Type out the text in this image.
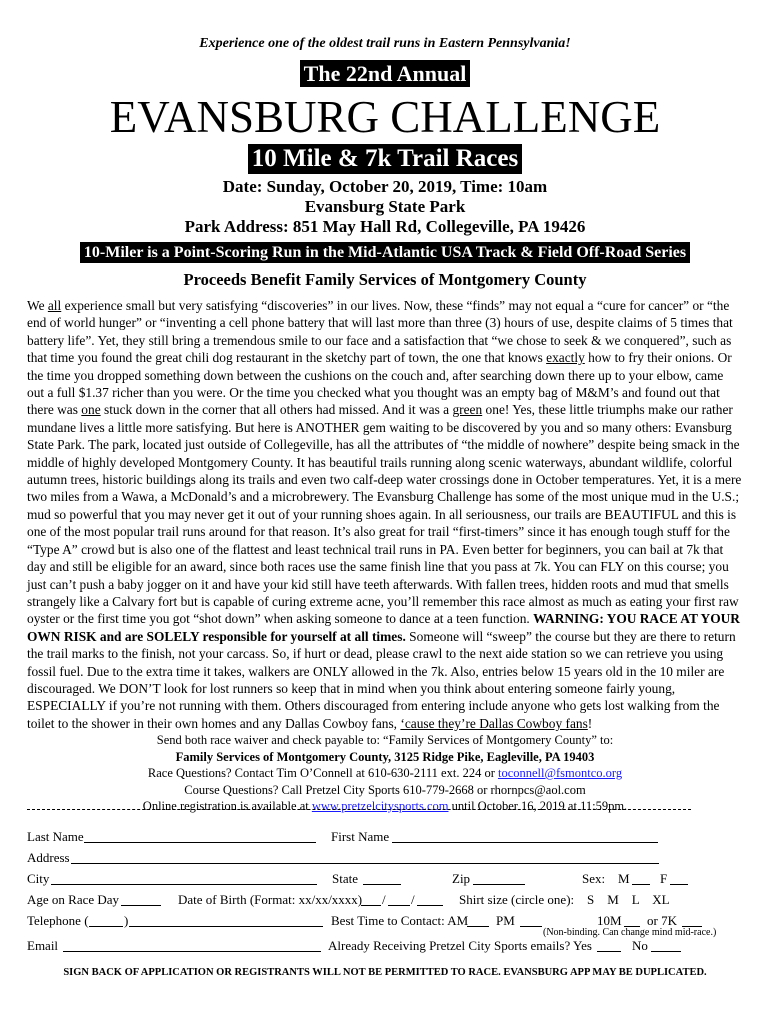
Experience one of the oldest trail runs in Eastern Pennsylvania!
The 22nd Annual
EVANSBURG CHALLENGE
10 Mile & 7k Trail Races
Date: Sunday, October 20, 2019, Time: 10am
Evansburg State Park
Park Address: 851 May Hall Rd, Collegeville, PA 19426
10-Miler is a Point-Scoring Run in the Mid-Atlantic USA Track & Field Off-Road Series
Proceeds Benefit Family Services of Montgomery County
We all experience small but very satisfying “discoveries” in our lives. Now, these “finds” may not equal a “cure for cancer” or “the end of world hunger” or “inventing a cell phone battery that will last more than three (3) hours of use, despite claims of 5 times that battery life”. Yet, they still bring a tremendous smile to our face and a satisfaction that “we chose to seek & we conquered”, such as that time you found the great chili dog restaurant in the sketchy part of town, the one that knows exactly how to fry their onions. Or the time you dropped something down between the cushions on the couch and, after searching down there up to your elbow, came out a full $1.37 richer than you were. Or the time you checked what you thought was an empty bag of M&M’s and found out that there was one stuck down in the corner that all others had missed. And it was a green one! Yes, these little triumphs make our rather mundane lives a little more satisfying. But here is ANOTHER gem waiting to be discovered by you and so many others: Evansburg State Park. The park, located just outside of Collegeville, has all the attributes of “the middle of nowhere” despite being smack in the middle of highly developed Montgomery County. It has beautiful trails running along scenic waterways, abundant wildlife, colorful autumn trees, historic buildings along its trails and even two calf-deep water crossings done in October temperatures. Yet, it is a mere two miles from a Wawa, a McDonald’s and a microbrewery. The Evansburg Challenge has some of the most unique mud in the U.S.; mud so powerful that you may never get it out of your running shoes again. In all seriousness, our trails are BEAUTIFUL and this is one of the most popular trail runs around for that reason. It’s also great for trail “first-timers” since it has enough tough stuff for the “Type A” crowd but is also one of the flattest and least technical trail runs in PA. Even better for beginners, you can bail at 7k that day and still be eligible for an award, since both races use the same finish line that you pass at 7k. You can FLY on this course; you just can’t push a baby jogger on it and have your kid still have teeth afterwards. With fallen trees, hidden roots and mud that smells strangely like a Calvary fort but is capable of curing extreme acne, you’ll remember this race almost as much as eating your first raw oyster or the first time you got “shot down” when asking someone to dance at a teen function. WARNING: YOU RACE AT YOUR OWN RISK and are SOLELY responsible for yourself at all times. Someone will “sweep” the course but they are there to return the trail marks to the finish, not your carcass. So, if hurt or dead, please crawl to the next aide station so we can retrieve you using fossil fuel. Due to the extra time it takes, walkers are ONLY allowed in the 7k. Also, entries below 15 years old in the 10 miler are discouraged. We DON’T look for lost runners so keep that in mind when you think about entering someone fairly young, ESPECIALLY if you’re not running with them. Others discouraged from entering include anyone who gets lost walking from the toilet to the shower in their own homes and any Dallas Cowboy fans, ‘cause they’re Dallas Cowboy fans!
Send both race waiver and check payable to: “Family Services of Montgomery County” to:
Family Services of Montgomery County, 3125 Ridge Pike, Eagleville, PA 19403
Race Questions? Contact Tim O’Connell at 610-630-2111 ext. 224 or toconnell@fsmontco.org
Course Questions? Call Pretzel City Sports 610-779-2668 or rhornpcs@aol.com
Online registration is available at www.pretzelcitysports.com until October 16, 2019 at 11:59pm.
Last Name	First Name
Address
City	State	Zip	Sex: M F
Age on Race Day	Date of Birth (Format: xx/xx/xxxx) / /	Shirt size (circle one): S    M    L    XL
Telephone (	)	Best Time to Contact: AM PM	10M or 7K
(Non-binding. Can change mind mid-race.)
Email	Already Receiving Pretzel City Sports emails? Yes	No
SIGN BACK OF APPLICATION OR REGISTRANTS WILL NOT BE PERMITTED TO RACE. EVANSBURG APP MAY BE DUPLICATED.
